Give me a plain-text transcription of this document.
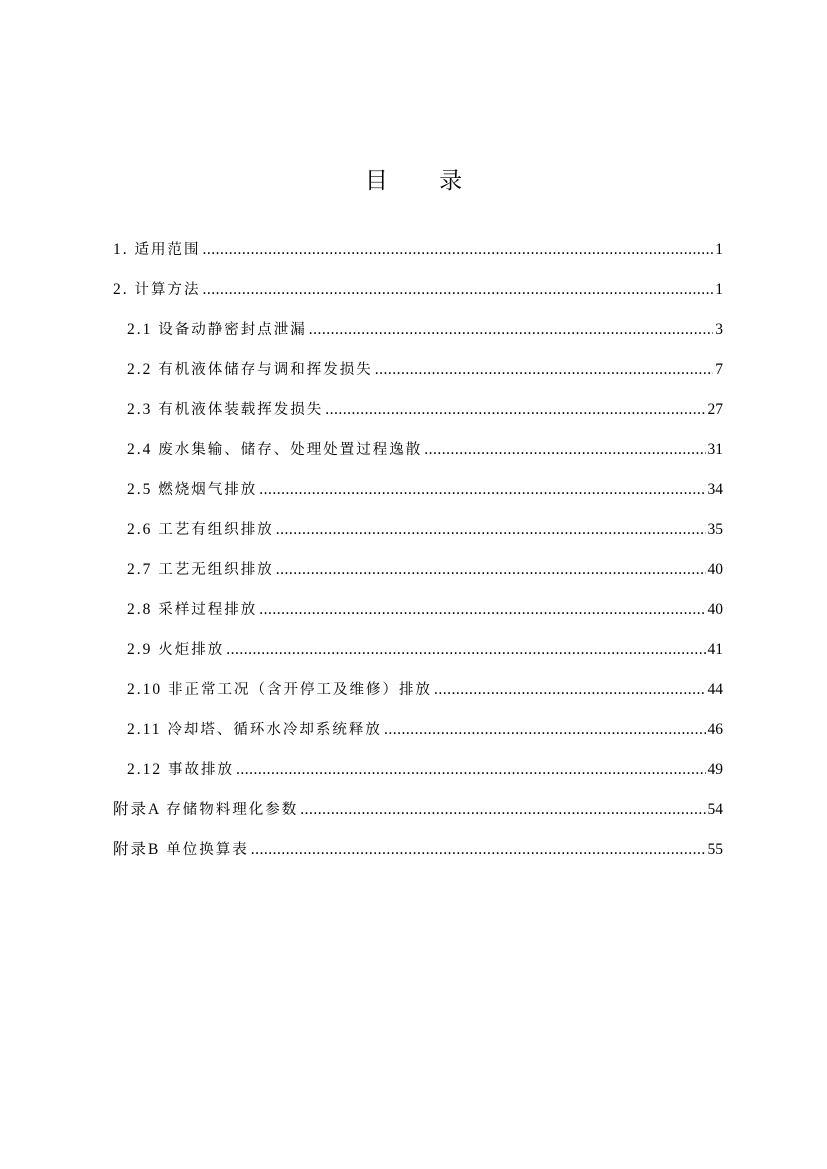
目 录
1. 适用范围 .....	1
2. 计算方法 .....	1
2.1 设备动静密封点泄漏 .....	3
2.2 有机液体储存与调和挥发损失 .....	7
2.3 有机液体装载挥发损失 .....	27
2.4 废水集输、储存、处理处置过程逸散 .....	31
2.5 燃烧烟气排放 .....	34
2.6 工艺有组织排放 .....	35
2.7 工艺无组织排放 .....	40
2.8 采样过程排放 .....	40
2.9 火炬排放 .....	41
2.10 非正常工况（含开停工及维修）排放 .....	44
2.11 冷却塔、循环水冷却系统释放 .....	46
2.12 事故排放 .....	49
附录A 存储物料理化参数 .....	54
附录B 单位换算表 .....	55
